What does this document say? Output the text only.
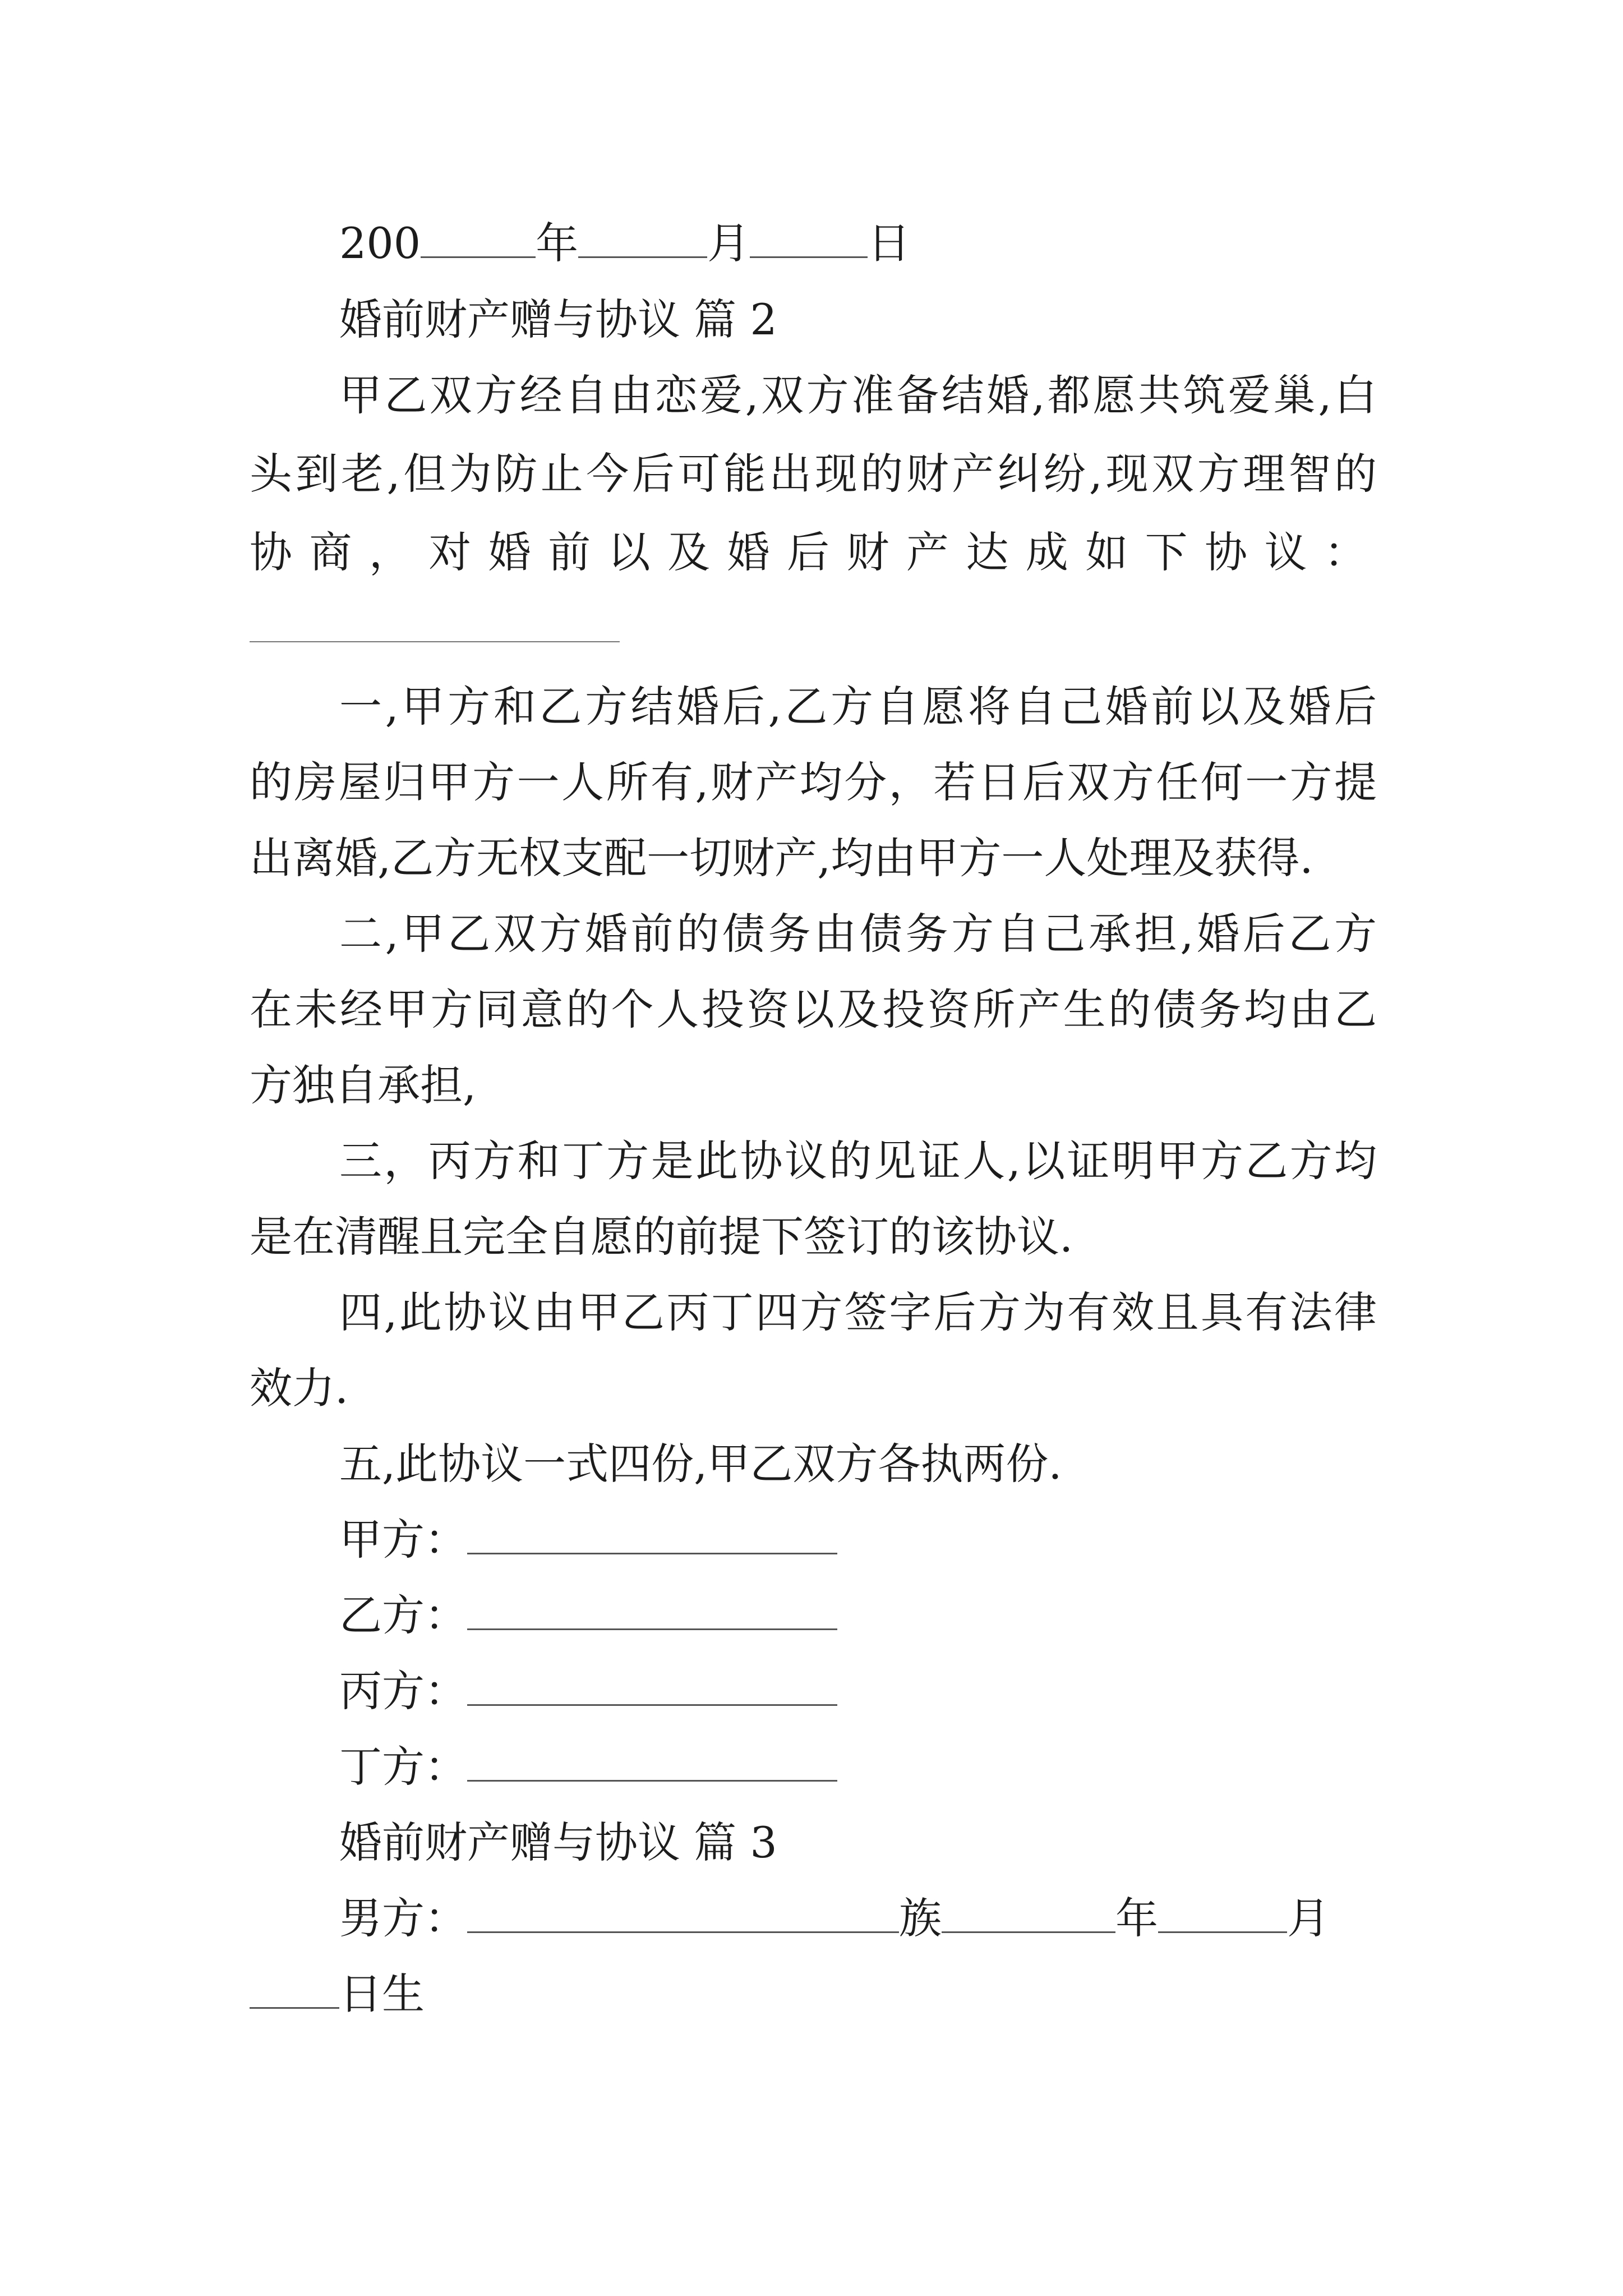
200	年	月	日
婚前财产赠与协议 篇 2
甲乙双方经自由恋爱,双方准备结婚,都愿共筑爱巢,白
头到老,但为防止今后可能出现的财产纠纷,现双方理智的
协商，对婚前以及婚后财产达成如下协议：
一,甲方和乙方结婚后,乙方自愿将自己婚前以及婚后
的房屋归甲方一人所有,财产均分，若日后双方任何一方提
出离婚,乙方无权支配一切财产,均由甲方一人处理及获得.
二,甲乙双方婚前的债务由债务方自己承担,婚后乙方
在未经甲方同意的个人投资以及投资所产生的债务均由乙
方独自承担,
三，丙方和丁方是此协议的见证人,以证明甲方乙方均
是在清醒且完全自愿的前提下签订的该协议.
四,此协议由甲乙丙丁四方签字后方为有效且具有法律
效力.
五,此协议一式四份,甲乙双方各执两份.
甲方：
乙方：
丙方：
丁方：
婚前财产赠与协议 篇 3
男方：	族	年	月
日生
